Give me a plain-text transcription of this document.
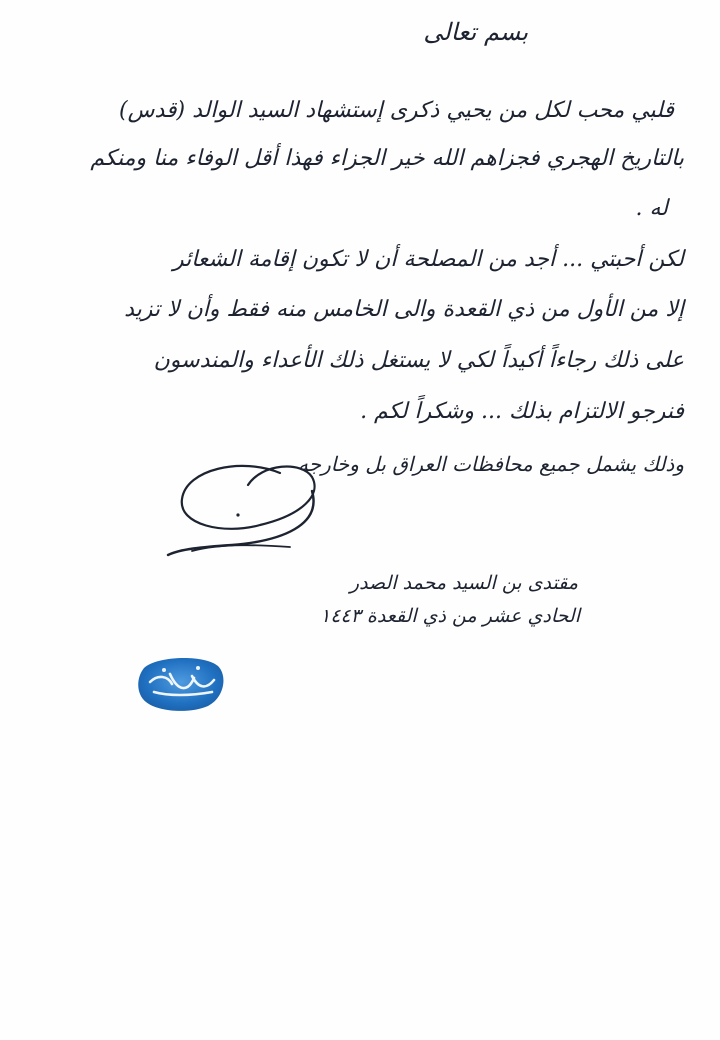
بسم تعالى
قلبي محب لكل من يحيي ذكرى إستشهاد السيد الوالد (قدس)
بالتاريخ الهجري فجزاهم الله خير الجزاء فهذا أقل الوفاء منا ومنكم
له .
لكن أحبتي ... أجد من المصلحة أن لا تكون إقامة الشعائر
إلا من الأول من ذي القعدة والى الخامس منه فقط وأن لا تزيد
على ذلك رجاءاً أكيداً لكي لا يستغل ذلك الأعداء والمندسون
فنرجو الالتزام بذلك ... وشكراً لكم .
وذلك يشمل جميع محافظات العراق بل وخارجه
مقتدى بن السيد محمد الصدر
الحادي عشر من ذي القعدة ١٤٤٣
